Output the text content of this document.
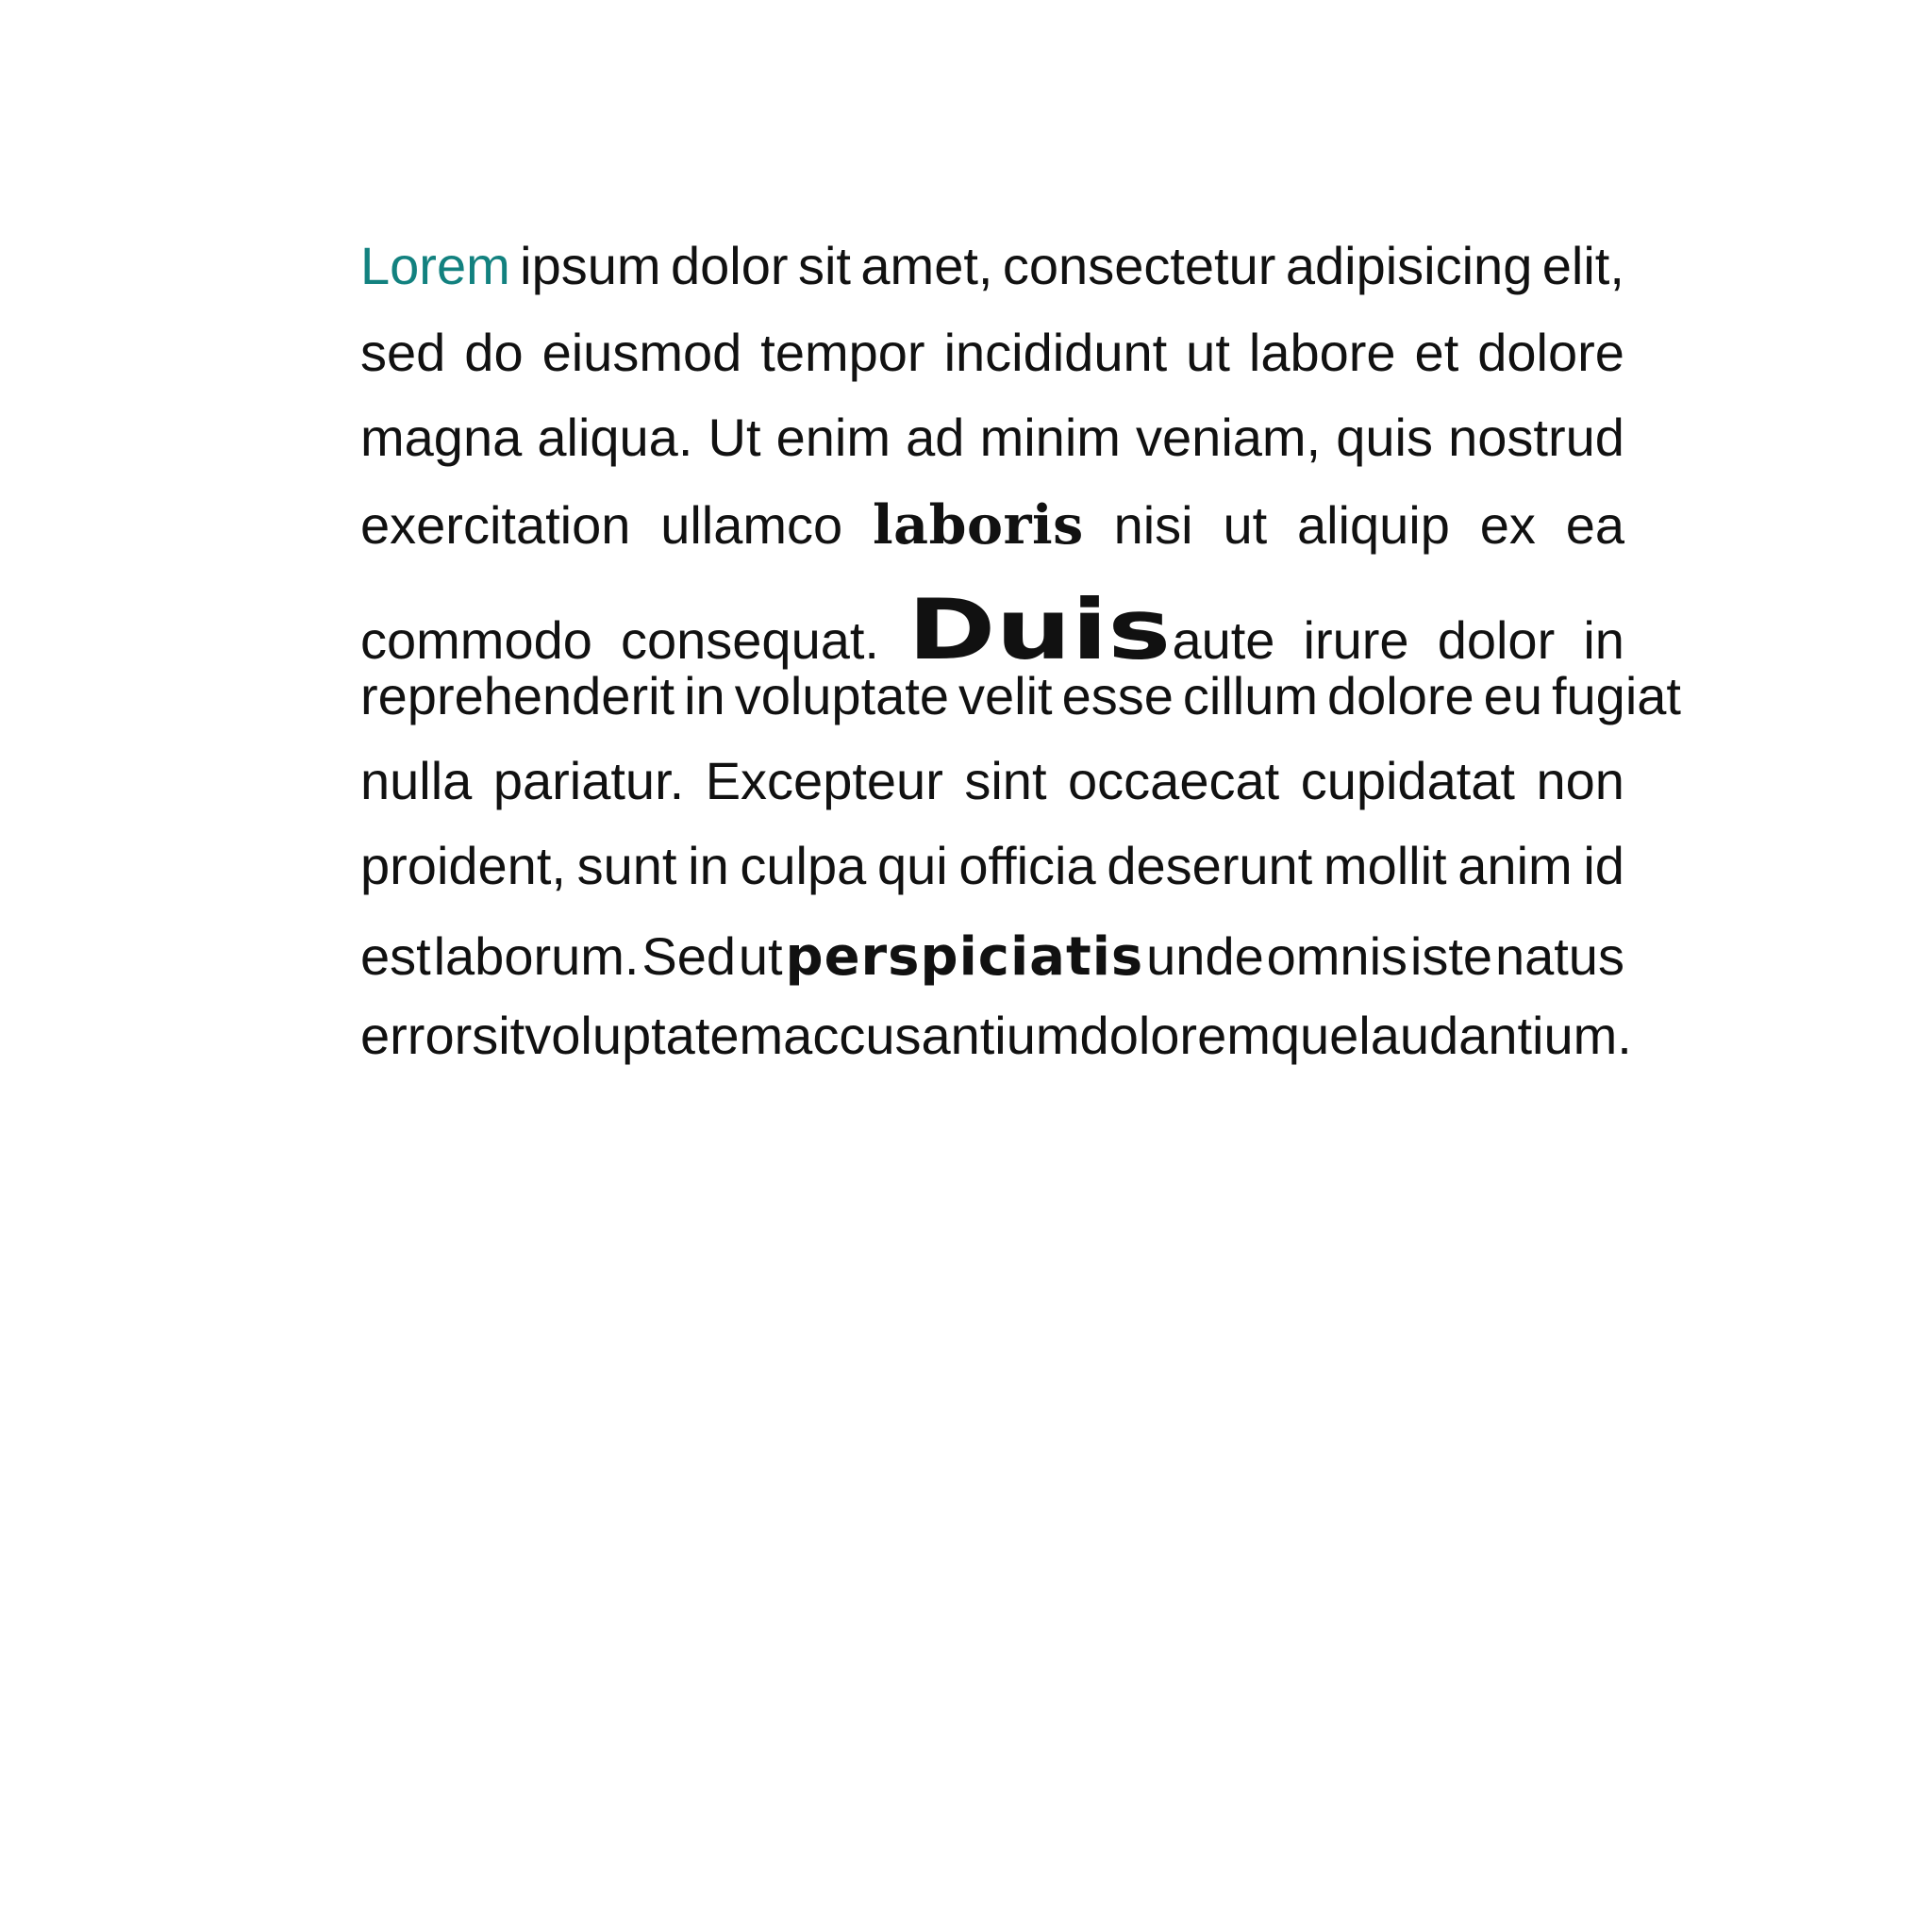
Lorem ipsum dolor sit amet, consectetur adipisicing elit,
sed do eiusmod tempor incididunt ut labore et dolore
magna aliqua. Ut enim ad minim veniam, quis nostrud
exercitation ullamco laboris nisi ut aliquip ex ea
commodo consequat. Duis aute irure dolor in
reprehenderit in voluptate velit esse cillum dolore eu fugiat
nulla pariatur. Excepteur sint occaecat cupidatat non
proident, sunt in culpa qui officia deserunt mollit anim id
est laborum. Sed ut perspiciatis unde omnis iste natus
error sit voluptatem accusantium doloremque laudantium.
